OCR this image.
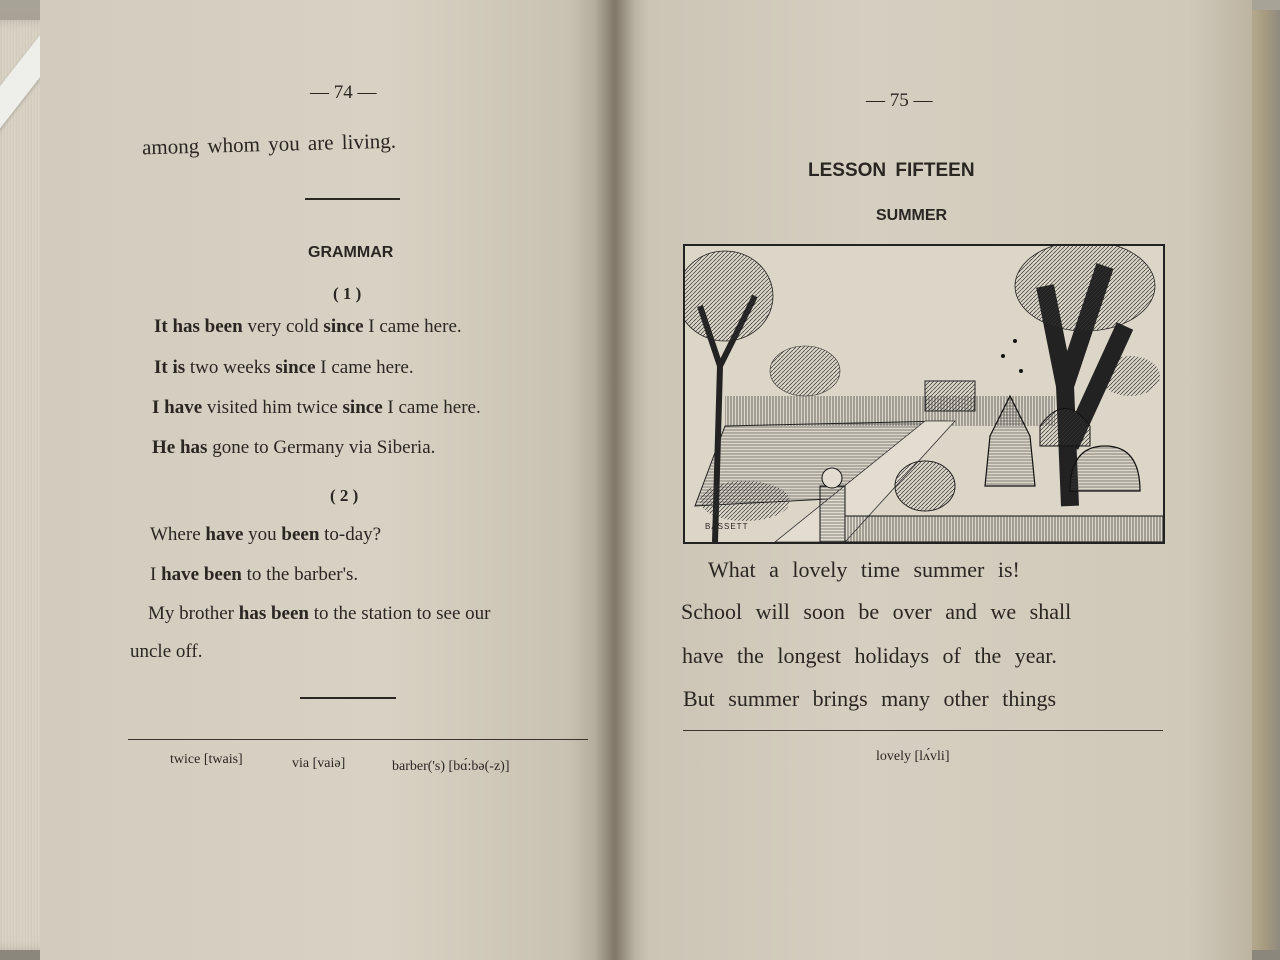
— 74 —
among whom you are living.
GRAMMAR
( 1 )
It has been very cold since I came here.
It is two weeks since I came here.
I have visited him twice since I came here.
He has gone to Germany via Siberia.
( 2 )
Where have you been to-day?
I have been to the barber's.
My brother has been to the station to see our
uncle off.
twice [twais]	via [vaiə]	barber('s) [bɑ́:bə(-z)]
— 75 —
LESSON FIFTEEN
SUMMER
BASSETT
What a lovely time summer is!
School will soon be over and we shall
have the longest holidays of the year.
But summer brings many other things
lovely [lʌ́vli]
